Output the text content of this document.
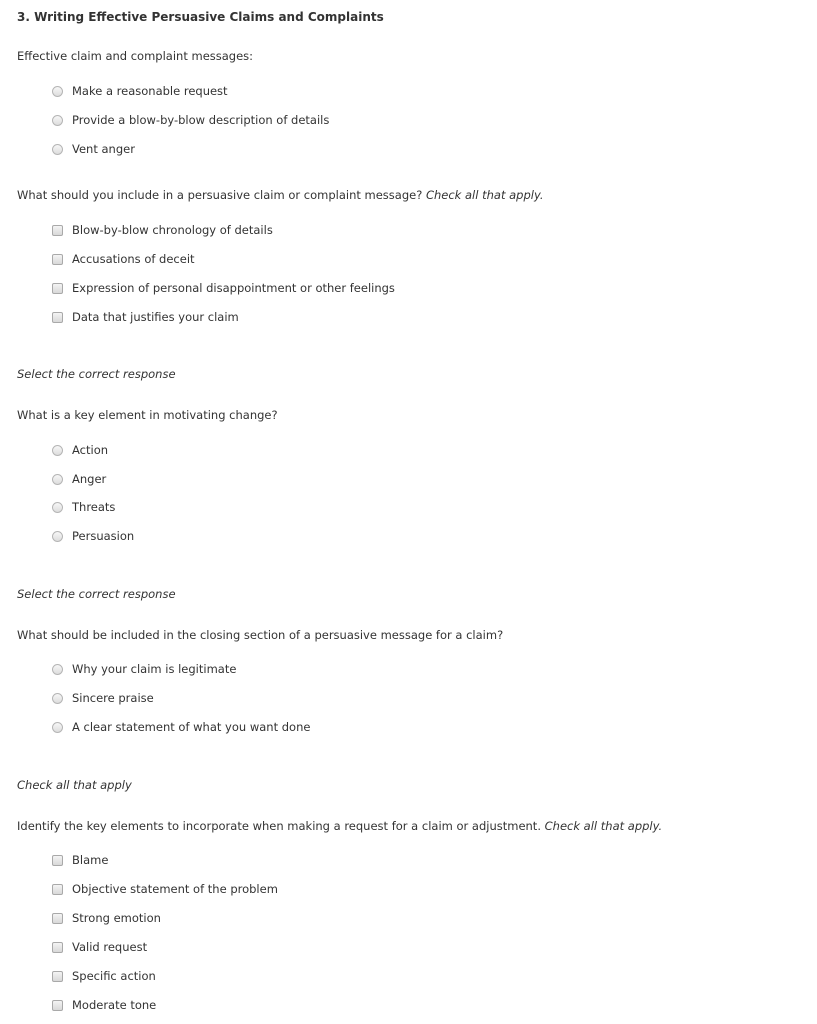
3. Writing Effective Persuasive Claims and Complaints
Effective claim and complaint messages:
Make a reasonable request
Provide a blow-by-blow description of details
Vent anger
What should you include in a persuasive claim or complaint message? Check all that apply.
Blow-by-blow chronology of details
Accusations of deceit
Expression of personal disappointment or other feelings
Data that justifies your claim
Select the correct response
What is a key element in motivating change?
Action
Anger
Threats
Persuasion
Select the correct response
What should be included in the closing section of a persuasive message for a claim?
Why your claim is legitimate
Sincere praise
A clear statement of what you want done
Check all that apply
Identify the key elements to incorporate when making a request for a claim or adjustment. Check all that apply.
Blame
Objective statement of the problem
Strong emotion
Valid request
Specific action
Moderate tone
